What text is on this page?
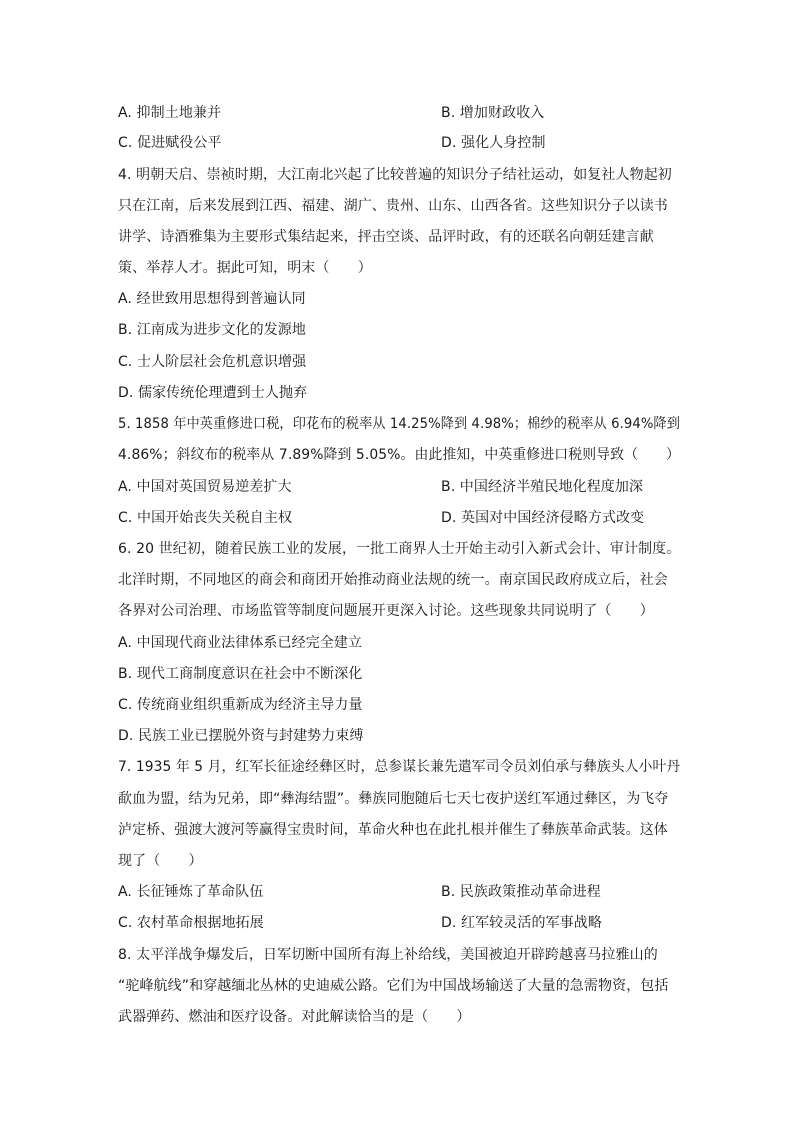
A. 抑制土地兼并	B. 增加财政收入
C. 促进赋役公平	D. 强化人身控制
4. 明朝天启、崇祯时期，大江南北兴起了比较普遍的知识分子结社运动，如复社人物起初
只在江南，后来发展到江西、福建、湖广、贵州、山东、山西各省。这些知识分子以读书
讲学、诗酒雅集为主要形式集结起来，抨击空谈、品评时政，有的还联名向朝廷建言献
策、举荐人才。据此可知，明末（　　）
A. 经世致用思想得到普遍认同
B. 江南成为进步文化的发源地
C. 士人阶层社会危机意识增强
D. 儒家传统伦理遭到士人抛弃
5. 1858 年中英重修进口税，印花布的税率从 14.25%降到 4.98%；棉纱的税率从 6.94%降到
4.86%；斜纹布的税率从 7.89%降到 5.05%。由此推知，中英重修进口税则导致（　　）
A. 中国对英国贸易逆差扩大	B. 中国经济半殖民地化程度加深
C. 中国开始丧失关税自主权	D. 英国对中国经济侵略方式改变
6. 20 世纪初，随着民族工业的发展，一批工商界人士开始主动引入新式会计、审计制度。
北洋时期，不同地区的商会和商团开始推动商业法规的统一。南京国民政府成立后，社会
各界对公司治理、市场监管等制度问题展开更深入讨论。这些现象共同说明了（　　）
A. 中国现代商业法律体系已经完全建立
B. 现代工商制度意识在社会中不断深化
C. 传统商业组织重新成为经济主导力量
D. 民族工业已摆脱外资与封建势力束缚
7. 1935 年 5 月，红军长征途经彝区时，总参谋长兼先遣军司令员刘伯承与彝族头人小叶丹
歃血为盟，结为兄弟，即“彝海结盟”。彝族同胞随后七天七夜护送红军通过彝区，为飞夺
泸定桥、强渡大渡河等赢得宝贵时间，革命火种也在此扎根并催生了彝族革命武装。这体
现了（　　）
A. 长征锤炼了革命队伍	B. 民族政策推动革命进程
C. 农村革命根据地拓展	D. 红军较灵活的军事战略
8. 太平洋战争爆发后，日军切断中国所有海上补给线，美国被迫开辟跨越喜马拉雅山的
“驼峰航线”和穿越缅北丛林的史迪威公路。它们为中国战场输送了大量的急需物资，包括
武器弹药、燃油和医疗设备。对此解读恰当的是（　　）
